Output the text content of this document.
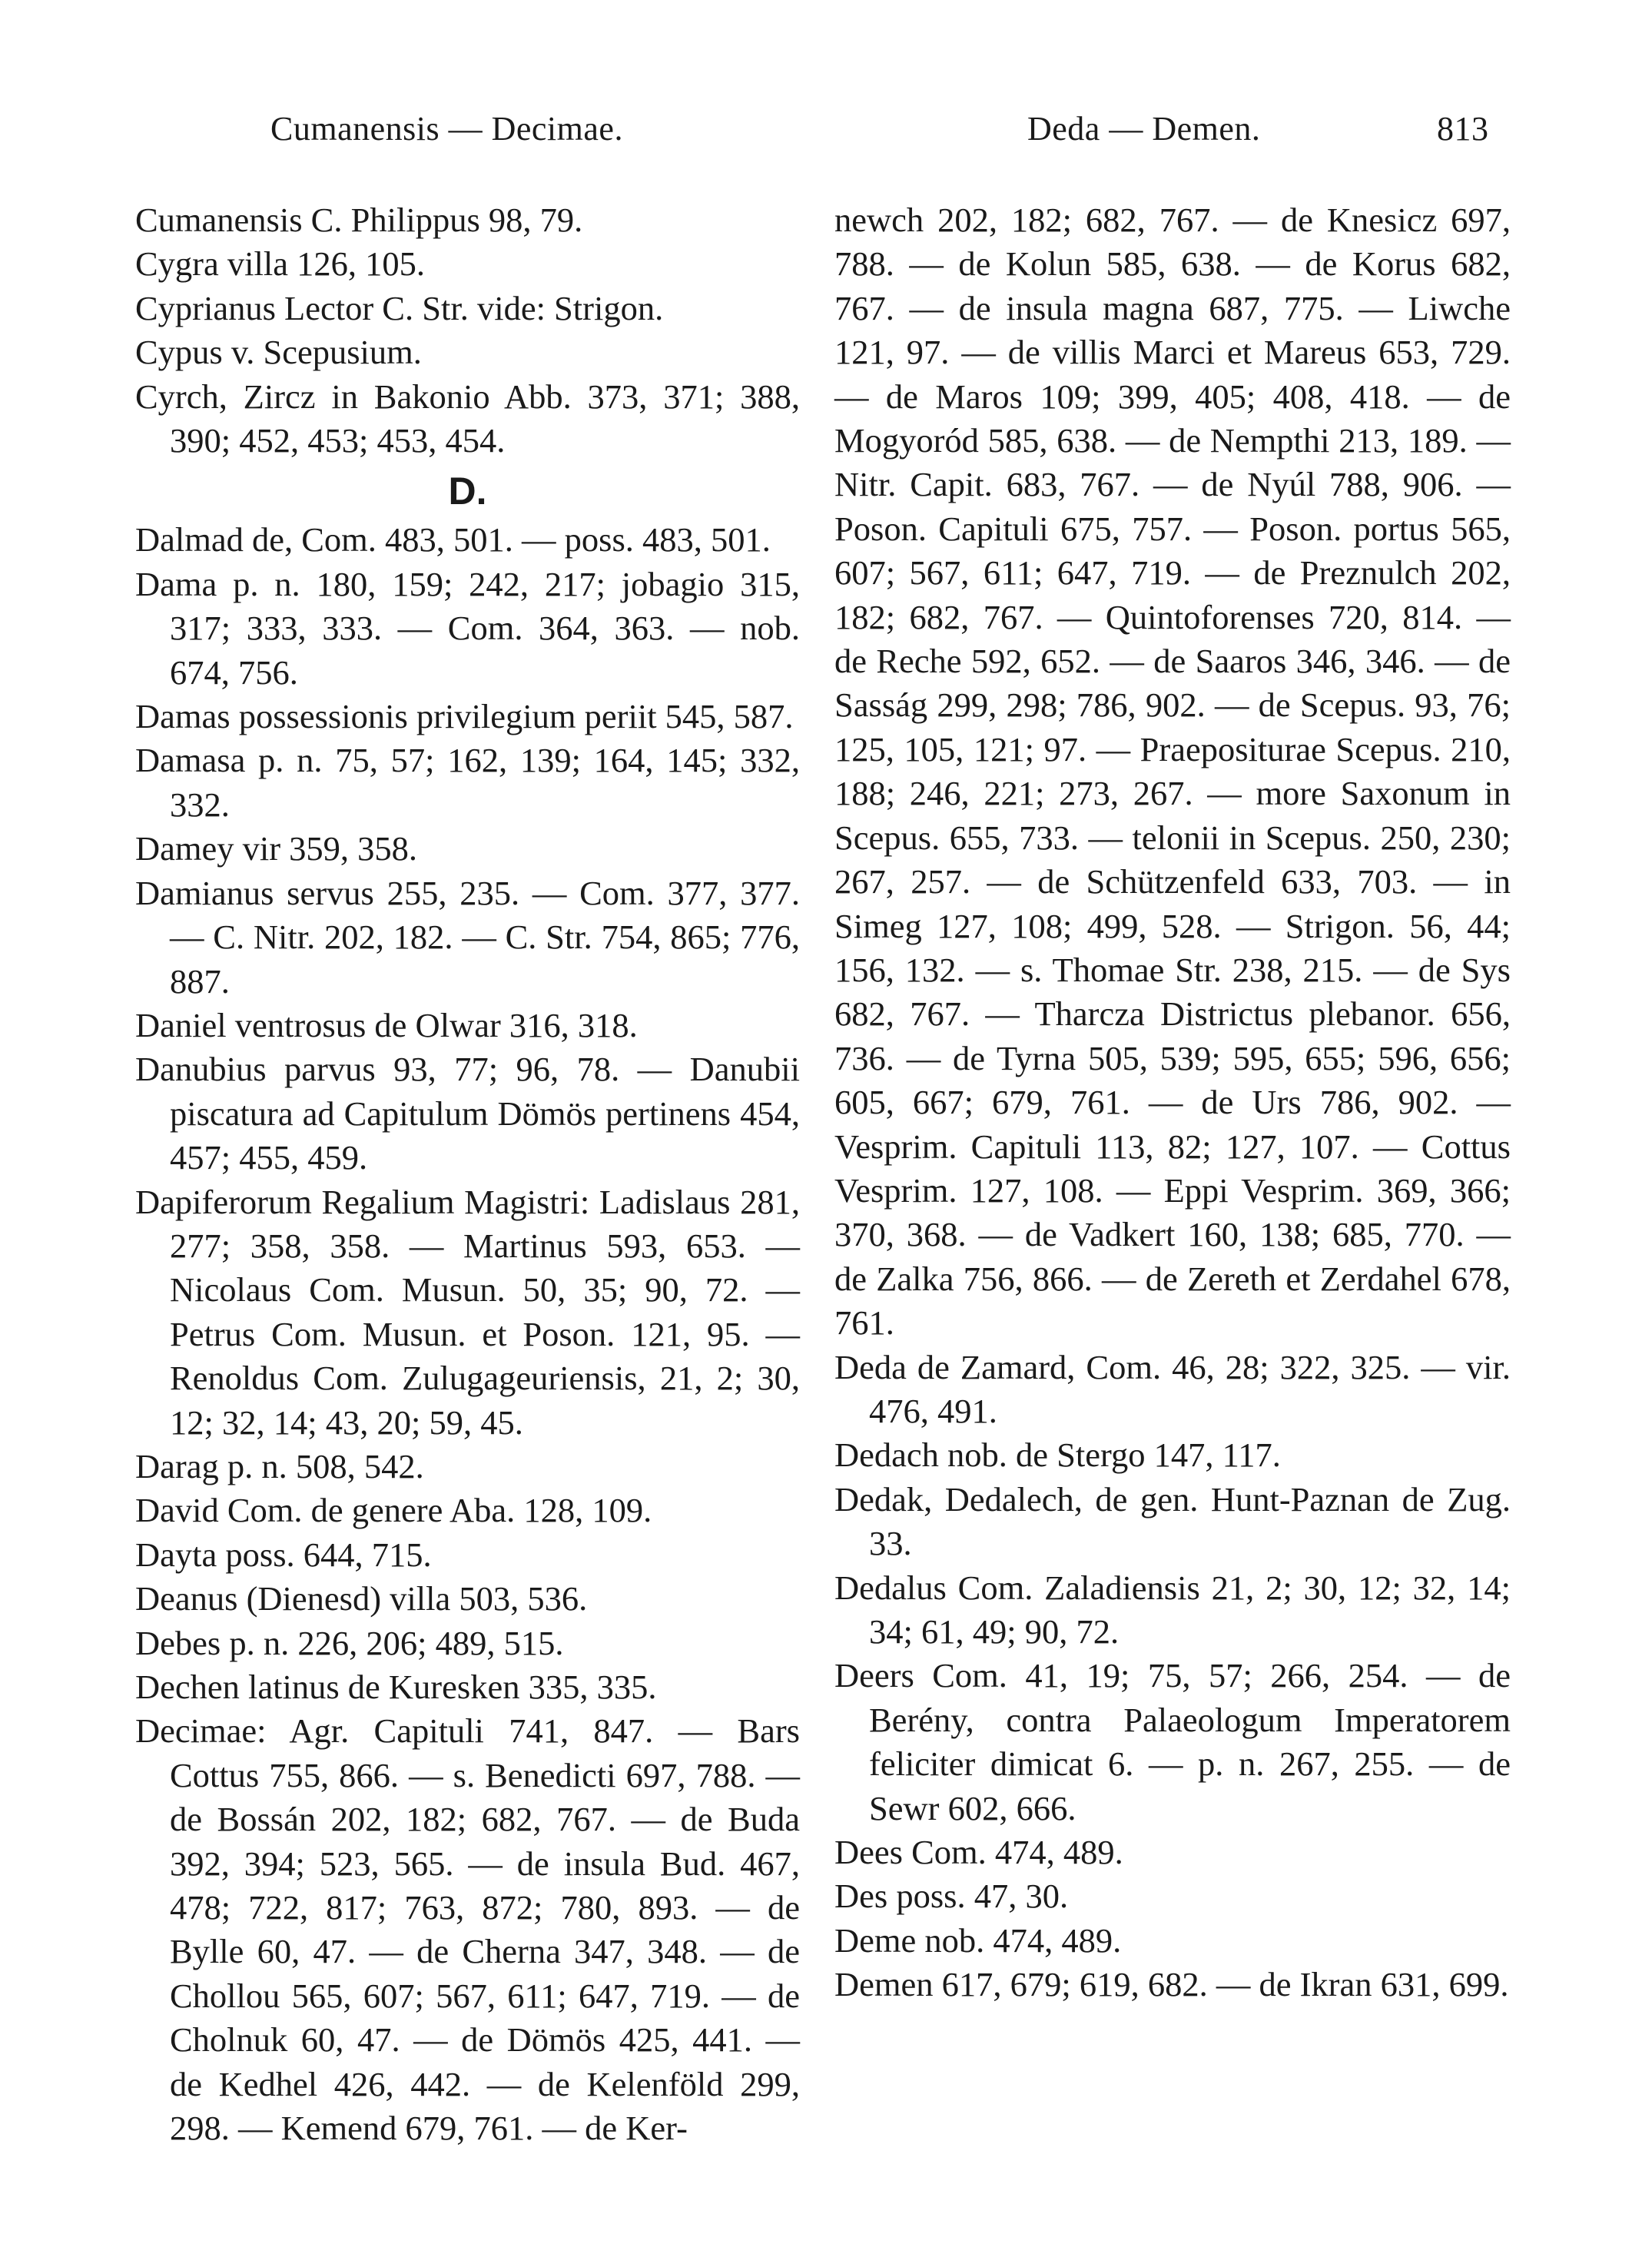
Cumanensis — Decimae.	Deda — Demen.	813
Cumanensis C. Philippus 98, 79.
Cygra villa 126, 105.
Cyprianus Lector C. Str. vide: Strigon.
Cypus v. Scepusium.
Cyrch, Zircz in Bakonio Abb. 373, 371; 388, 390; 452, 453; 453, 454.
D.
Dalmad de, Com. 483, 501. — poss. 483, 501.
Dama p. n. 180, 159; 242, 217; jobagio 315, 317; 333, 333. — Com. 364, 363. — nob. 674, 756.
Damas possessionis privilegium periit 545, 587.
Damasa p. n. 75, 57; 162, 139; 164, 145; 332, 332.
Damey vir 359, 358.
Damianus servus 255, 235. — Com. 377, 377. — C. Nitr. 202, 182. — C. Str. 754, 865; 776, 887.
Daniel ventrosus de Olwar 316, 318.
Danubius parvus 93, 77; 96, 78. — Danubii piscatura ad Capitulum Dömös pertinens 454, 457; 455, 459.
Dapiferorum Regalium Magistri: Ladislaus 281, 277; 358, 358. — Martinus 593, 653. — Nicolaus Com. Musun. 50, 35; 90, 72. — Petrus Com. Musun. et Poson. 121, 95. — Renoldus Com. Zulugageuriensis, 21, 2; 30, 12; 32, 14; 43, 20; 59, 45.
Darag p. n. 508, 542.
David Com. de genere Aba. 128, 109.
Dayta poss. 644, 715.
Deanus (Dienesd) villa 503, 536.
Debes p. n. 226, 206; 489, 515.
Dechen latinus de Kuresken 335, 335.
Decimae: Agr. Capituli 741, 847. — Bars Cottus 755, 866. — s. Benedicti 697, 788. — de Bossán 202, 182; 682, 767. — de Buda 392, 394; 523, 565. — de insula Bud. 467, 478; 722, 817; 763, 872; 780, 893. — de Bylle 60, 47. — de Cherna 347, 348. — de Chollou 565, 607; 567, 611; 647, 719. — de Cholnuk 60, 47. — de Dömös 425, 441. — de Kedhel 426, 442. — de Kelenföld 299, 298. — Kemend 679, 761. — de Ker-
newch 202, 182; 682, 767. — de Knesicz 697, 788. — de Kolun 585, 638. — de Korus 682, 767. — de insula magna 687, 775. — Liwche 121, 97. — de villis Marci et Mareus 653, 729. — de Maros 109; 399, 405; 408, 418. — de Mogyoród 585, 638. — de Nempthi 213, 189. — Nitr. Capit. 683, 767. — de Nyúl 788, 906. — Poson. Capituli 675, 757. — Poson. portus 565, 607; 567, 611; 647, 719. — de Preznulch 202, 182; 682, 767. — Quintoforenses 720, 814. — de Reche 592, 652. — de Saaros 346, 346. — de Sasság 299, 298; 786, 902. — de Scepus. 93, 76; 125, 105, 121; 97. — Praepositurae Scepus. 210, 188; 246, 221; 273, 267. — more Saxonum in Scepus. 655, 733. — telonii in Scepus. 250, 230; 267, 257. — de Schützenfeld 633, 703. — in Simeg 127, 108; 499, 528. — Strigon. 56, 44; 156, 132. — s. Thomae Str. 238, 215. — de Sys 682, 767. — Tharcza Districtus plebanor. 656, 736. — de Tyrna 505, 539; 595, 655; 596, 656; 605, 667; 679, 761. — de Urs 786, 902. — Vesprim. Capituli 113, 82; 127, 107. — Cottus Vesprim. 127, 108. — Eppi Vesprim. 369, 366; 370, 368. — de Vadkert 160, 138; 685, 770. — de Zalka 756, 866. — de Zereth et Zerdahel 678, 761.
Deda de Zamard, Com. 46, 28; 322, 325. — vir. 476, 491.
Dedach nob. de Stergo 147, 117.
Dedak, Dedalech, de gen. Hunt-Paznan de Zug. 33.
Dedalus Com. Zaladiensis 21, 2; 30, 12; 32, 14; 34; 61, 49; 90, 72.
Deers Com. 41, 19; 75, 57; 266, 254. — de Berény, contra Palaeologum Imperatorem feliciter dimicat 6. — p. n. 267, 255. — de Sewr 602, 666.
Dees Com. 474, 489.
Des poss. 47, 30.
Deme nob. 474, 489.
Demen 617, 679; 619, 682. — de Ikran 631, 699.
